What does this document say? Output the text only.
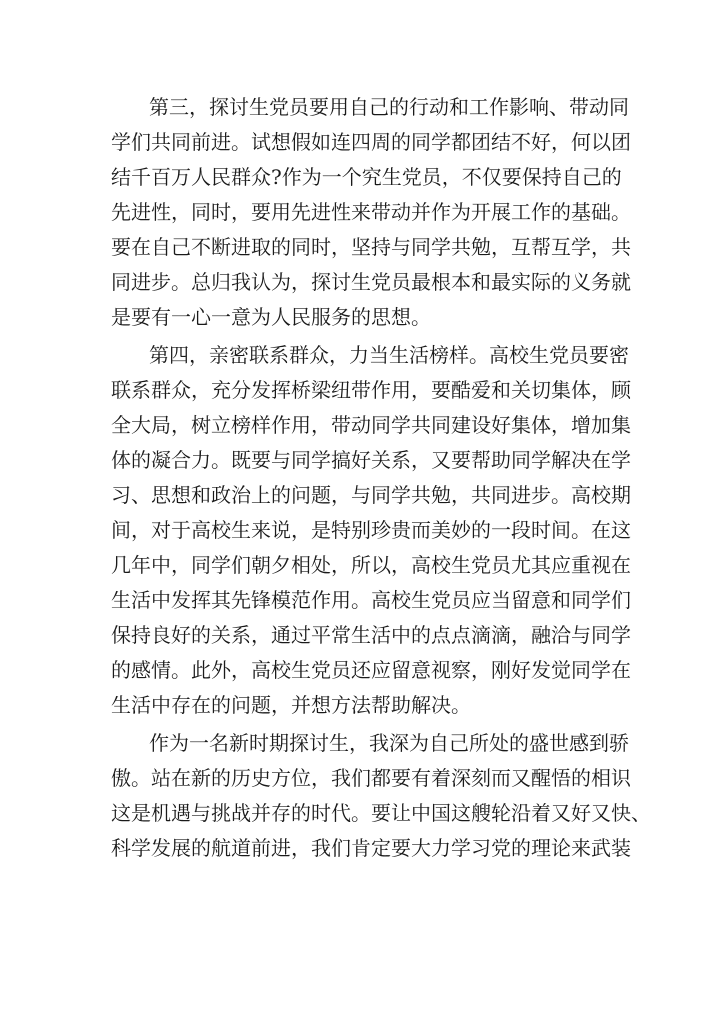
第三，探讨生党员要用自己的行动和工作影响、带动同
学们共同前进。试想假如连四周的同学都团结不好，何以团
结千百万人民群众?作为一个究生党员，不仅要保持自己的
先进性，同时，要用先进性来带动并作为开展工作的基础。
要在自己不断进取的同时，坚持与同学共勉，互帮互学，共
同进步。总归我认为，探讨生党员最根本和最实际的义务就
是要有一心一意为人民服务的思想。
第四，亲密联系群众，力当生活榜样。高校生党员要密
联系群众，充分发挥桥梁纽带作用，要酷爱和关切集体，顾
全大局，树立榜样作用，带动同学共同建设好集体，增加集
体的凝合力。既要与同学搞好关系，又要帮助同学解决在学
习、思想和政治上的问题，与同学共勉，共同进步。高校期
间，对于高校生来说，是特别珍贵而美妙的一段时间。在这
几年中，同学们朝夕相处，所以，高校生党员尤其应重视在
生活中发挥其先锋模范作用。高校生党员应当留意和同学们
保持良好的关系，通过平常生活中的点点滴滴，融洽与同学
的感情。此外，高校生党员还应留意视察，刚好发觉同学在
生活中存在的问题，并想方法帮助解决。
作为一名新时期探讨生，我深为自己所处的盛世感到骄
傲。站在新的历史方位，我们都要有着深刻而又醒悟的相识
这是机遇与挑战并存的时代。要让中国这艘轮沿着又好又快、
科学发展的航道前进，我们肯定要大力学习党的理论来武装
